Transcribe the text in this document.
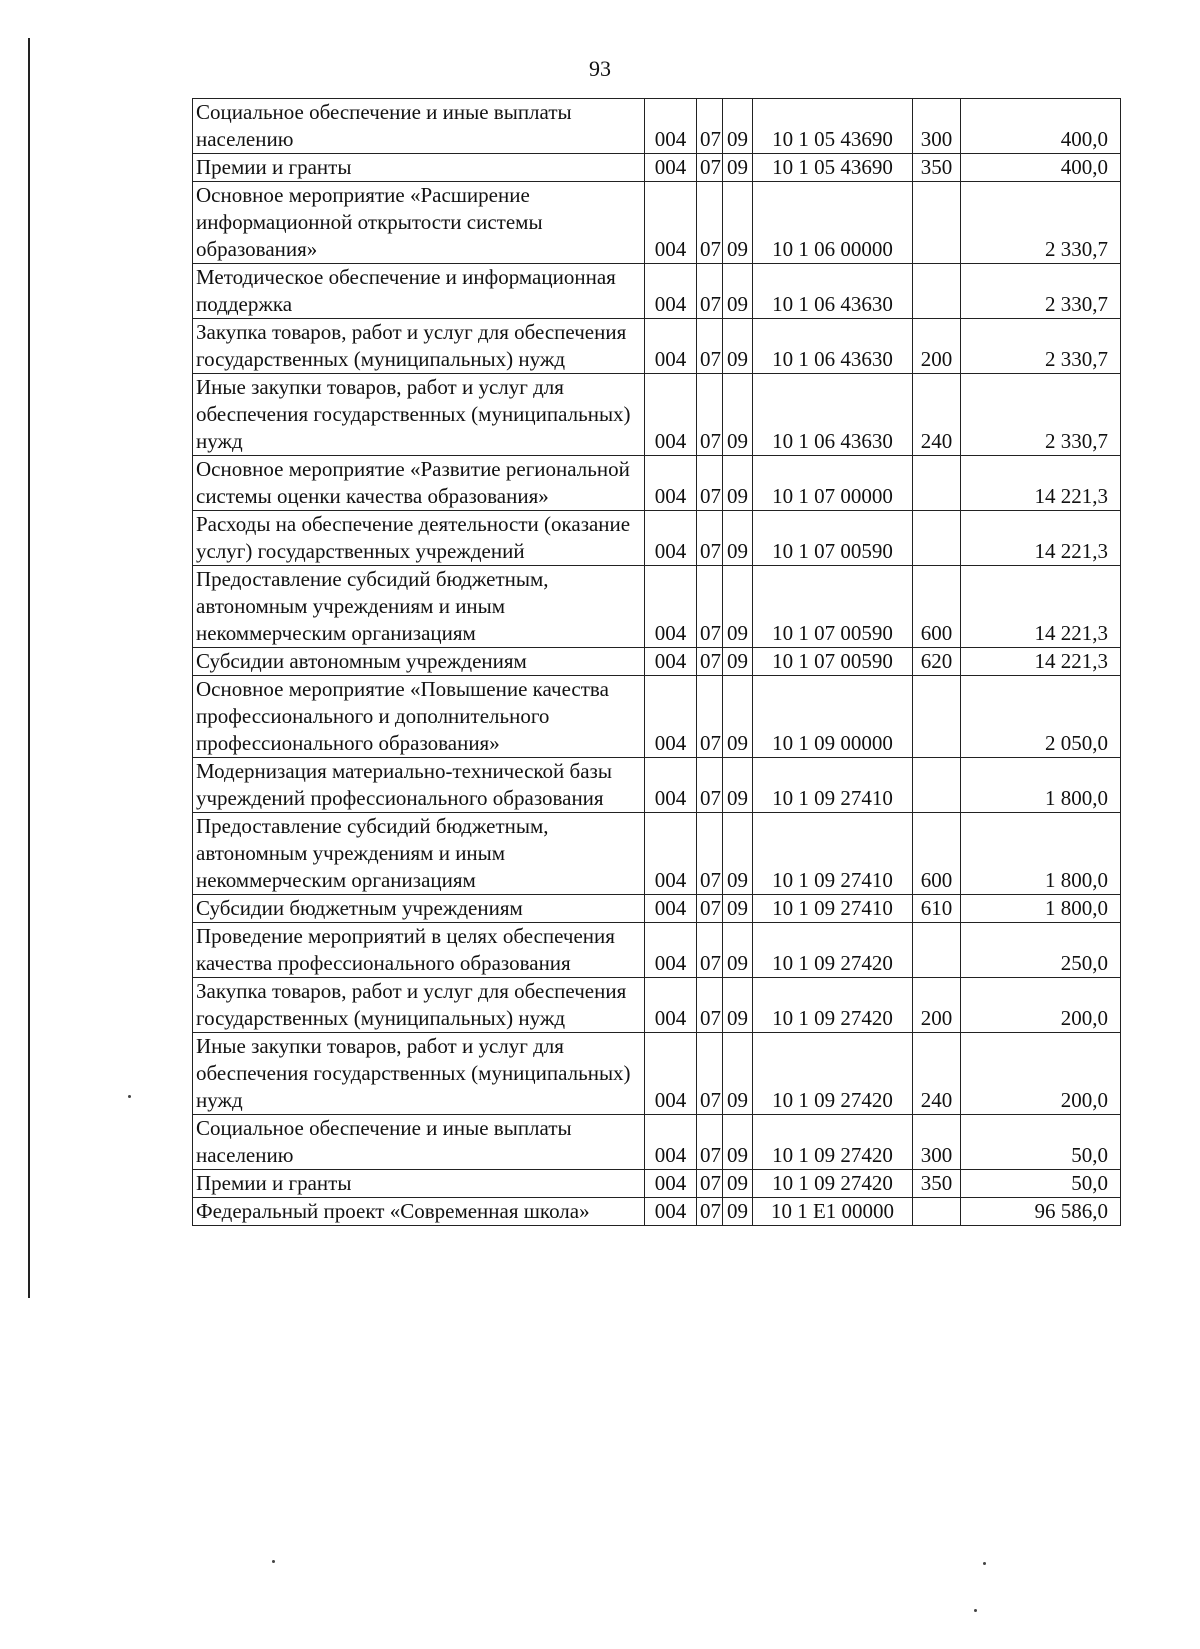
93
Социальное обеспечение и иные выплаты населению	004	07	09	10 1 05 43690	300	400,0
Премии и гранты	004	07	09	10 1 05 43690	350	400,0
Основное мероприятие «Расширение информационной открытости системы образования»	004	07	09	10 1 06 00000		2 330,7
Методическое обеспечение и информационная поддержка	004	07	09	10 1 06 43630		2 330,7
Закупка товаров, работ и услуг для обеспечения государственных (муниципальных) нужд	004	07	09	10 1 06 43630	200	2 330,7
Иные закупки товаров, работ и услуг для обеспечения государственных (муниципальных) нужд	004	07	09	10 1 06 43630	240	2 330,7
Основное мероприятие «Развитие региональной системы оценки качества образования»	004	07	09	10 1 07 00000		14 221,3
Расходы на обеспечение деятельности (оказание услуг) государственных учреждений	004	07	09	10 1 07 00590		14 221,3
Предоставление субсидий бюджетным, автономным учреждениям и иным некоммерческим организациям	004	07	09	10 1 07 00590	600	14 221,3
Субсидии автономным учреждениям	004	07	09	10 1 07 00590	620	14 221,3
Основное мероприятие «Повышение качества профессионального и дополнительного профессионального образования»	004	07	09	10 1 09 00000		2 050,0
Модернизация материально-технической базы учреждений профессионального образования	004	07	09	10 1 09 27410		1 800,0
Предоставление субсидий бюджетным, автономным учреждениям и иным некоммерческим организациям	004	07	09	10 1 09 27410	600	1 800,0
Субсидии бюджетным учреждениям	004	07	09	10 1 09 27410	610	1 800,0
Проведение мероприятий в целях обеспечения качества профессионального образования	004	07	09	10 1 09 27420		250,0
Закупка товаров, работ и услуг для обеспечения государственных (муниципальных) нужд	004	07	09	10 1 09 27420	200	200,0
Иные закупки товаров, работ и услуг для обеспечения государственных (муниципальных) нужд	004	07	09	10 1 09 27420	240	200,0
Социальное обеспечение и иные выплаты населению	004	07	09	10 1 09 27420	300	50,0
Премии и гранты	004	07	09	10 1 09 27420	350	50,0
Федеральный проект «Современная школа»	004	07	09	10 1 E1 00000		96 586,0
